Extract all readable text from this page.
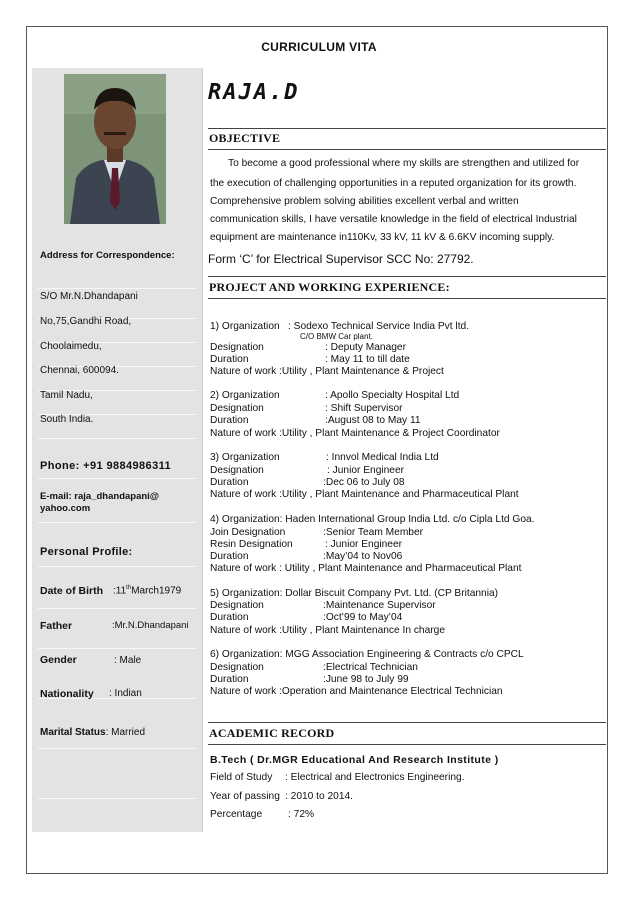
CURRICULUM VITA
Address for Correspondence:
S/O Mr.N.Dhandapani
No,75,Gandhi Road,
Choolaimedu,
Chennai, 600094.
Tamil Nadu,
South India.
Phone: +91 9884986311
E-mail: raja_dhandapani@
yahoo.com
Personal Profile:
Date of Birth :11thMarch1979
Father	:Mr.N.Dhandapani
Gender	: Male
Nationality : Indian
Marital Status: Married
RAJA.D
OBJECTIVE
To become a good professional where my skills are strengthen and utilized for
the execution of challenging opportunities in a reputed organization for its growth.
Comprehensive problem solving abilities excellent verbal and written
communication skills, I have versatile knowledge in the field of electrical Industrial
equipment are maintenance in110Kv, 33 kV, 11 kV & 6.6KV incoming supply.
Form ‘C’ for Electrical Supervisor SCC No: 27792.
PROJECT AND WORKING EXPERIENCE:
1) Organization : Sodexo Technical Service India Pvt ltd.
C/O BMW Car plant.
Designation	: Deputy Manager
Duration	: May 11 to till date
Nature of work :Utility , Plant Maintenance & Project
2) Organization	: Apollo Specialty Hospital Ltd
Designation	: Shift Supervisor
Duration	:August 08 to May 11
Nature of work :Utility , Plant Maintenance & Project Coordinator
3) Organization	: Innvol Medical India Ltd
Designation	: Junior Engineer
Duration	:Dec 06 to July 08
Nature of work :Utility , Plant Maintenance and Pharmaceutical Plant
4) Organization: Haden International Group India Ltd. c/o Cipla Ltd Goa.
Join Designation	:Senior Team Member
Resin Designation	: Junior Engineer
Duration	:May’04 to Nov06
Nature of work : Utility , Plant Maintenance and Pharmaceutical Plant
5) Organization: Dollar Biscuit Company Pvt. Ltd. (CP Britannia)
Designation	:Maintenance Supervisor
Duration	:Oct’99 to May’04
Nature of work :Utility , Plant Maintenance In charge
6) Organization: MGG Association Engineering & Contracts c/o CPCL
Designation	:Electrical Technician
Duration	:June 98 to July 99
Nature of work :Operation and Maintenance Electrical Technician
ACADEMIC RECORD
B.Tech ( Dr.MGR Educational And Research Institute )
Field of Study : Electrical and Electronics Engineering.
Year of passing : 2010 to 2014.
Percentage	: 72%
